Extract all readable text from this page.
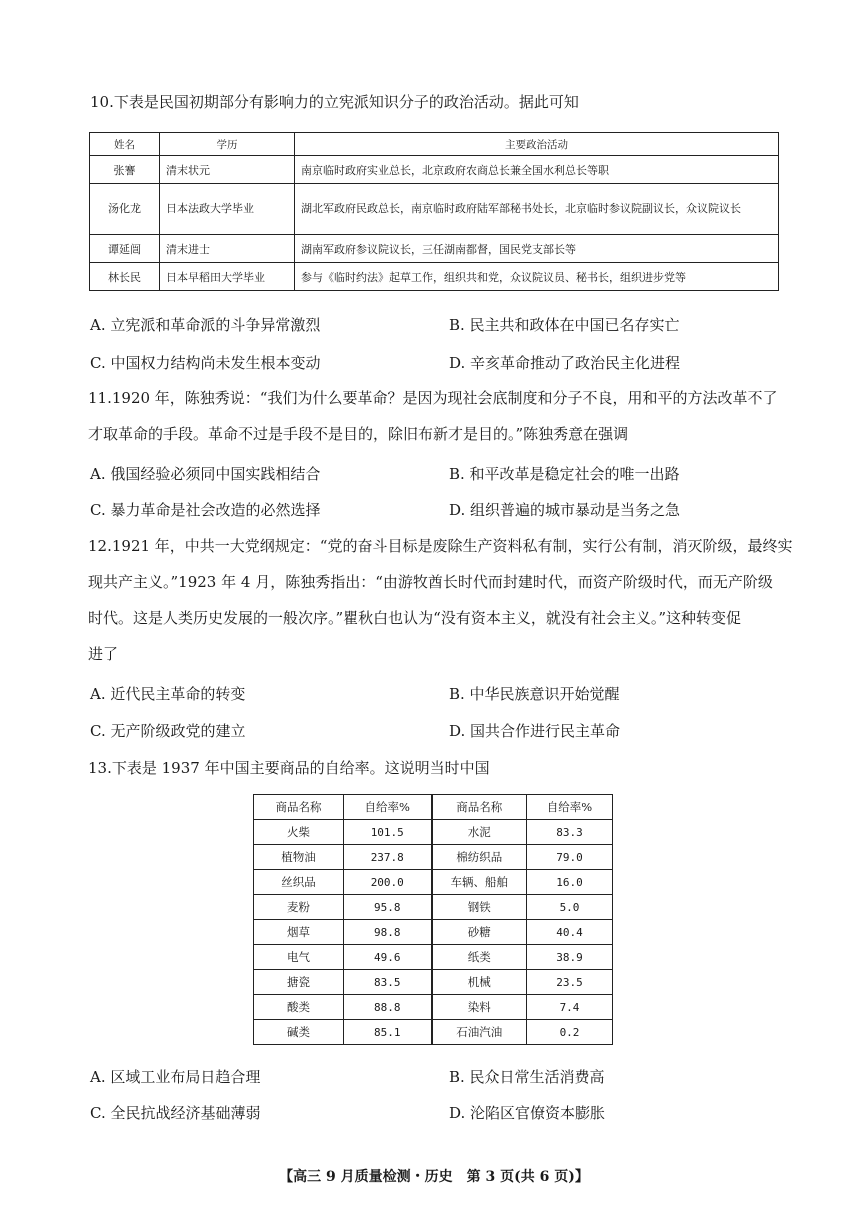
10.下表是民国初期部分有影响力的立宪派知识分子的政治活动。据此可知
姓名	学历	主要政治活动
张謇	清末状元	南京临时政府实业总长，北京政府农商总长兼全国水利总长等职
汤化龙	日本法政大学毕业	湖北军政府民政总长，南京临时政府陆军部秘书处长，北京临时参议院副议长，众议院议长
谭延闿	清末进士	湖南军政府参议院议长，三任湖南都督，国民党支部长等
林长民	日本早稻田大学毕业	参与《临时约法》起草工作，组织共和党，众议院议员、秘书长，组织进步党等
A. 立宪派和革命派的斗争异常激烈	B. 民主共和政体在中国已名存实亡
C. 中国权力结构尚未发生根本变动	D. 辛亥革命推动了政治民主化进程
11.1920 年，陈独秀说：“我们为什么要革命？是因为现社会底制度和分子不良，用和平的方法改革不了
才取革命的手段。革命不过是手段不是目的，除旧布新才是目的。”陈独秀意在强调
A. 俄国经验必须同中国实践相结合	B. 和平改革是稳定社会的唯一出路
C. 暴力革命是社会改造的必然选择	D. 组织普遍的城市暴动是当务之急
12.1921 年，中共一大党纲规定：“党的奋斗目标是废除生产资料私有制，实行公有制，消灭阶级，最终实
现共产主义。”1923 年 4 月，陈独秀指出：“由游牧酋长时代而封建时代，而资产阶级时代，而无产阶级
时代。这是人类历史发展的一般次序。”瞿秋白也认为“没有资本主义，就没有社会主义。”这种转变促
进了
A. 近代民主革命的转变	B. 中华民族意识开始觉醒
C. 无产阶级政党的建立	D. 国共合作进行民主革命
13.下表是 1937 年中国主要商品的自给率。这说明当时中国
商品名称	自给率%	商品名称	自给率%
火柴	101.5	水泥	83.3
植物油	237.8	棉纺织品	79.0
丝织品	200.0	车辆、船舶	16.0
麦粉	95.8	钢铁	5.0
烟草	98.8	砂糖	40.4
电气	49.6	纸类	38.9
搪瓷	83.5	机械	23.5
酸类	88.8	染料	7.4
碱类	85.1	石油汽油	0.2
A. 区域工业布局日趋合理	B. 民众日常生活消费高
C. 全民抗战经济基础薄弱	D. 沦陷区官僚资本膨胀
【高三 9 月质量检测・历史　第 3 页(共 6 页)】
